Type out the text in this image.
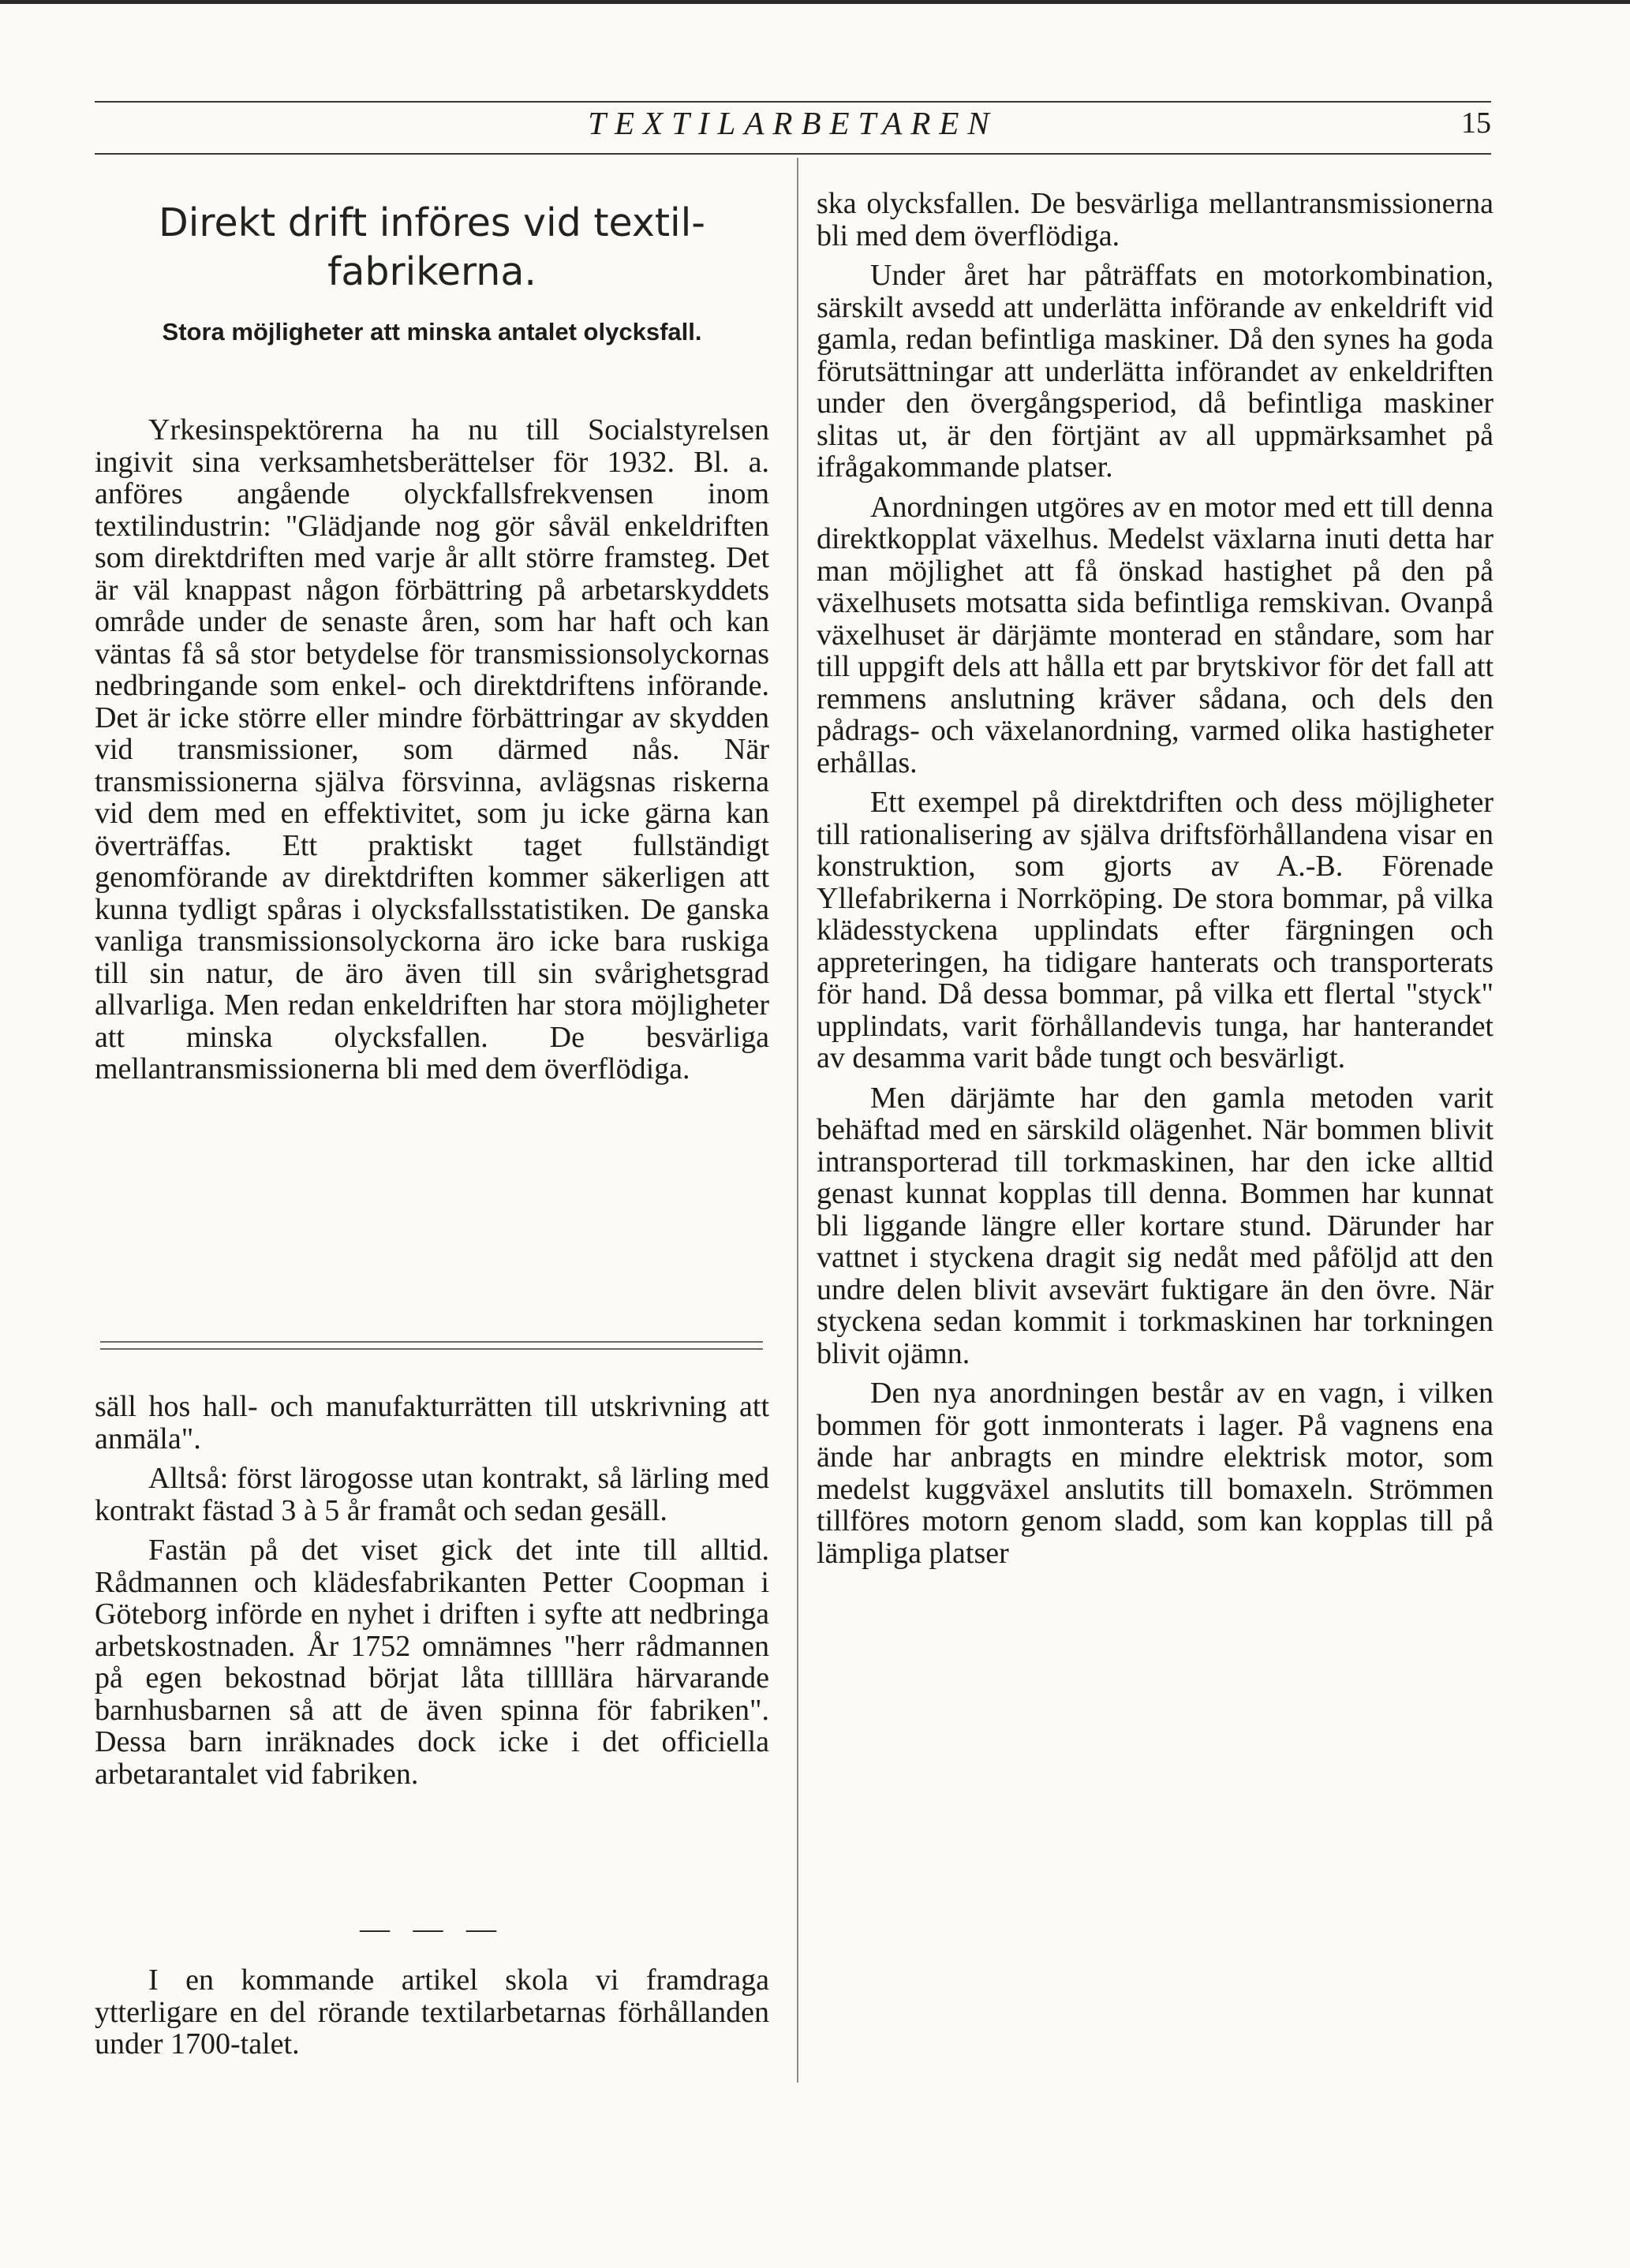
TEXTILARBETAREN	15
Direkt drift införes vid textil-fabrikerna.
Stora möjligheter att minska antalet olycksfall.

Yrkesinspektörerna ha nu till Socialstyrelsen ingivit sina verksamhetsberättelser för 1932. Bl. a. anföres angående olyckfallsfrekvensen inom textilindustrin: "Glädjande nog gör såväl enkeldriften som direktdriften med varje år allt större framsteg. Det är väl knappast någon förbättring på arbetarskyddets område under de senaste åren, som har haft och kan väntas få så stor betydelse för transmissionsolyckornas nedbringande som enkel- och direktdriftens införande. Det är icke större eller mindre förbättringar av skydden vid transmissioner, som därmed nås. När transmissionerna själva försvinna, avlägsnas riskerna vid dem med en effektivitet, som ju icke gärna kan överträffas. Ett praktiskt taget fullständigt genomförande av direktdriften kommer säkerligen att kunna tydligt spåras i olycksfallsstatistiken. De ganska vanliga transmissionsolyckorna äro icke bara ruskiga till sin natur, de äro även till sin svårighetsgrad allvarliga. Men redan enkeldriften har stora möjligheter att minska olycksfallen. De besvärliga mellantransmissionerna bli med dem överflödiga.

säll hos hall- och manufakturrätten till utskrivning att anmäla".

Alltså: först lärogosse utan kontrakt, så lärling med kontrakt fästad 3 à 5 år framåt och sedan gesäll.

Fastän på det viset gick det inte till alltid. Rådmannen och klädesfabrikanten Petter Coopman i Göteborg införde en nyhet i driften i syfte att nedbringa arbetskostnaden. År 1752 omnämnes "herr rådmannen på egen bekostnad börjat låta tillllära härvarande barnhusbarnen så att de även spinna för fabriken". Dessa barn inräknades dock icke i det officiella arbetarantalet vid fabriken.

— — —

I en kommande artikel skola vi framdraga ytterligare en del rörande textilarbetarnas förhållanden under 1700-talet.

ska olycksfallen. De besvärliga mellantransmissionerna bli med dem överflödiga.

Under året har påträffats en motorkombination, särskilt avsedd att underlätta införande av enkeldrift vid gamla, redan befintliga maskiner. Då den synes ha goda förutsättningar att underlätta införandet av enkeldriften under den övergångsperiod, då befintliga maskiner slitas ut, är den förtjänt av all uppmärksamhet på ifrågakommande platser.

Anordningen utgöres av en motor med ett till denna direktkopplat växelhus. Medelst växlarna inuti detta har man möjlighet att få önskad hastighet på den på växelhusets motsatta sida befintliga remskivan. Ovanpå växelhuset är därjämte monterad en ståndare, som har till uppgift dels att hålla ett par brytskivor för det fall att remmens anslutning kräver sådana, och dels den pådrags- och växelanordning, varmed olika hastigheter erhållas.

Ett exempel på direktdriften och dess möjligheter till rationalisering av själva driftsförhållandena visar en konstruktion, som gjorts av A.-B. Förenade Yllefabrikerna i Norrköping. De stora bommar, på vilka klädesstyckena upplindats efter färgningen och appreteringen, ha tidigare hanterats och transporterats för hand. Då dessa bommar, på vilka ett flertal "styck" upplindats, varit förhållandevis tunga, har hanterandet av desamma varit både tungt och besvärligt.

Men därjämte har den gamla metoden varit behäftad med en särskild olägenhet. När bommen blivit intransporterad till torkmaskinen, har den icke alltid genast kunnat kopplas till denna. Bommen har kunnat bli liggande längre eller kortare stund. Därunder har vattnet i styckena dragit sig nedåt med påföljd att den undre delen blivit avsevärt fuktigare än den övre. När styckena sedan kommit i torkmaskinen har torkningen blivit ojämn.

Den nya anordningen består av en vagn, i vilken bommen för gott inmonterats i lager. På vagnens ena ände har anbragts en mindre elektrisk motor, som medelst kuggväxel anslutits till bomaxeln. Strömmen tillföres motorn genom sladd, som kan kopplas till på lämpliga platser
